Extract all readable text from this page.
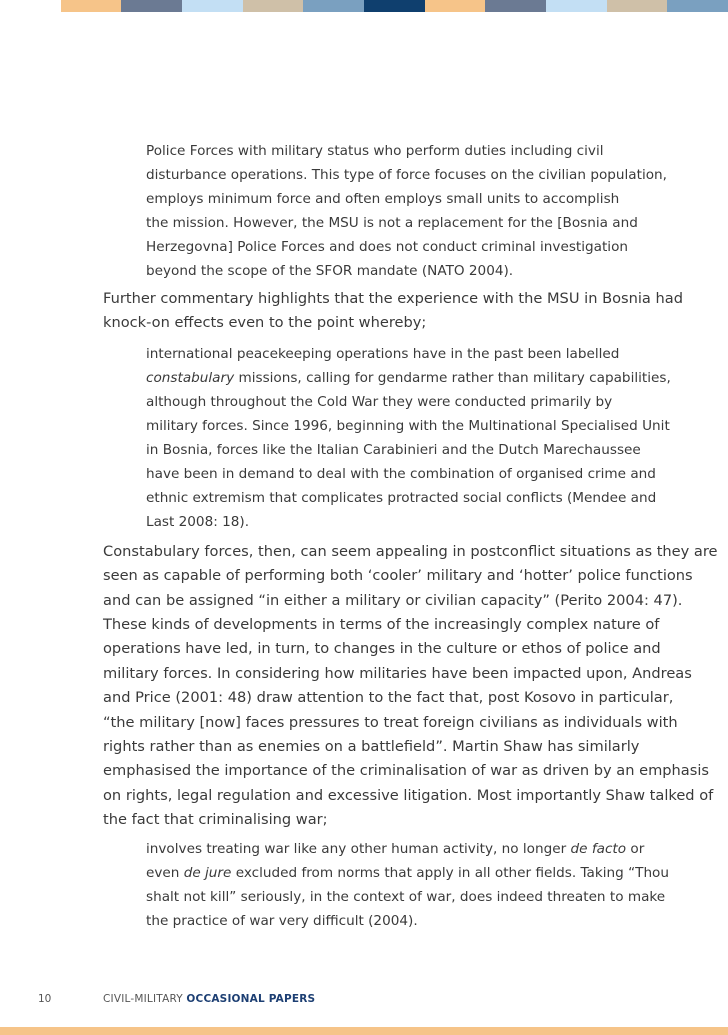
Police Forces with military status who perform duties including civil
disturbance operations. This type of force focuses on the civilian population,
employs minimum force and often employs small units to accomplish
the mission. However, the MSU is not a replacement for the [Bosnia and
Herzegovna] Police Forces and does not conduct criminal investigation
beyond the scope of the SFOR mandate (NATO 2004).
Further commentary highlights that the experience with the MSU in Bosnia had
knock-on effects even to the point whereby;
international peacekeeping operations have in the past been labelled
constabulary missions, calling for gendarme rather than military capabilities,
although throughout the Cold War they were conducted primarily by
military forces. Since 1996, beginning with the Multinational Specialised Unit
in Bosnia, forces like the Italian Carabinieri and the Dutch Marechaussee
have been in demand to deal with the combination of organised crime and
ethnic extremism that complicates protracted social conflicts (Mendee and
Last 2008: 18).
Constabulary forces, then, can seem appealing in postconflict situations as they are
seen as capable of performing both ‘cooler’ military and ‘hotter’ police functions
and can be assigned “in either a military or civilian capacity” (Perito 2004: 47).
These kinds of developments in terms of the increasingly complex nature of
operations have led, in turn, to changes in the culture or ethos of police and
military forces. In considering how militaries have been impacted upon, Andreas
and Price (2001: 48) draw attention to the fact that, post Kosovo in particular,
“the military [now] faces pressures to treat foreign civilians as individuals with
rights rather than as enemies on a battlefield”. Martin Shaw has similarly
emphasised the importance of the criminalisation of war as driven by an emphasis
on rights, legal regulation and excessive litigation. Most importantly Shaw talked of
the fact that criminalising war;
involves treating war like any other human activity, no longer de facto or
even de jure excluded from norms that apply in all other fields. Taking “Thou
shalt not kill” seriously, in the context of war, does indeed threaten to make
the practice of war very difficult (2004).
10	CIVIL-MILITARY OCCASIONAL PAPERS
